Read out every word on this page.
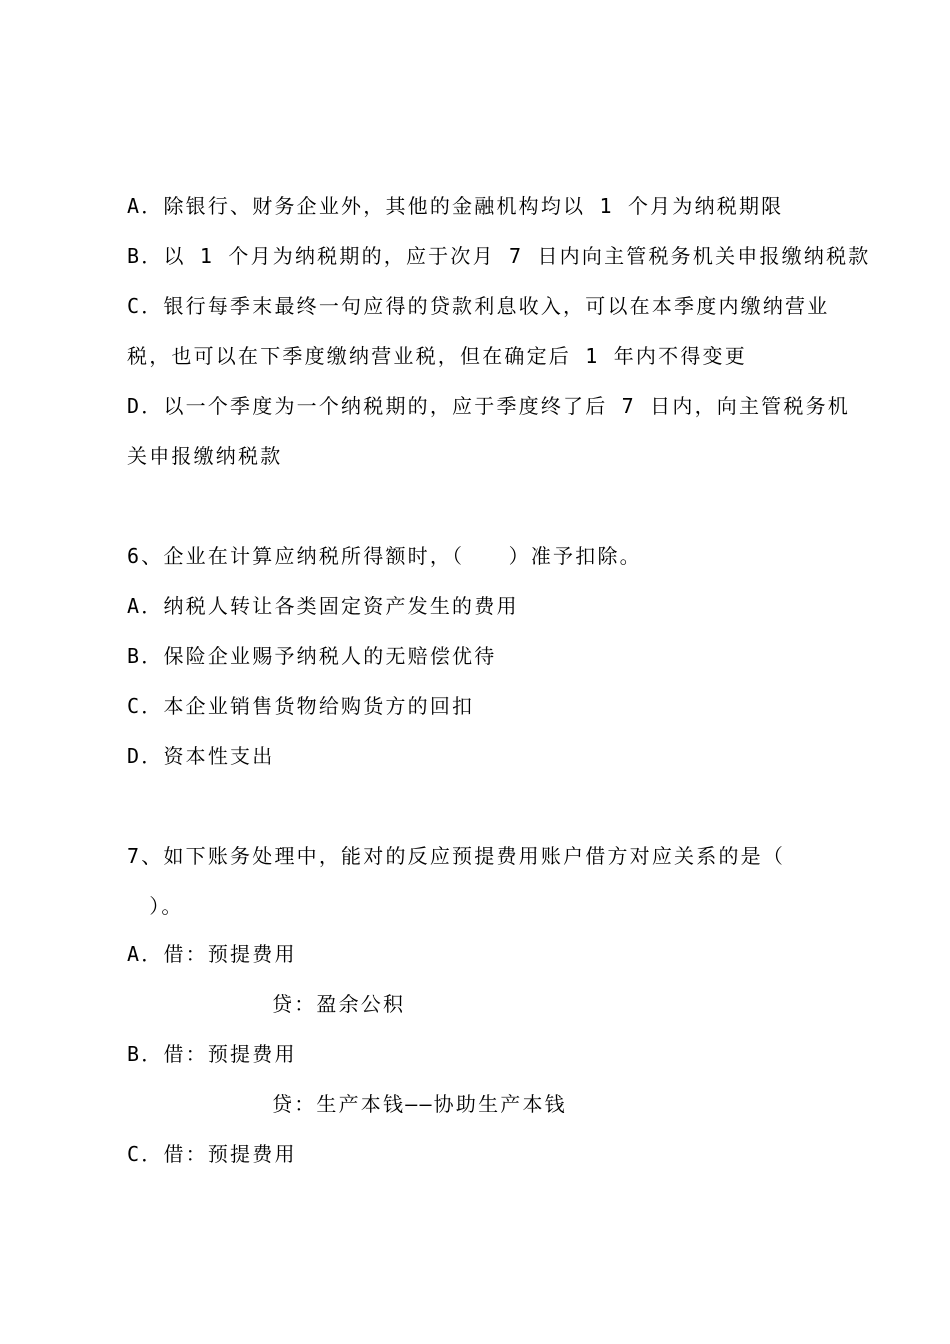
A．除银行、财务企业外，其他的金融机构均以 1 个月为纳税期限
B．以 1 个月为纳税期的，应于次月 7 日内向主管税务机关申报缴纳税款
C．银行每季末最终一句应得的贷款利息收入，可以在本季度内缴纳营业
税，也可以在下季度缴纳营业税，但在确定后 1 年内不得变更
D．以一个季度为一个纳税期的，应于季度终了后 7 日内，向主管税务机
关申报缴纳税款
6、企业在计算应纳税所得额时，（　　）准予扣除。
A．纳税人转让各类固定资产发生的费用
B．保险企业赐予纳税人的无赔偿优待
C．本企业销售货物给购货方的回扣
D．资本性支出
7、如下账务处理中，能对的反应预提费用账户借方对应关系的是（
　）。
A．借：预提费用
贷：盈余公积
B．借：预提费用
贷：生产本钱——协助生产本钱
C．借：预提费用
